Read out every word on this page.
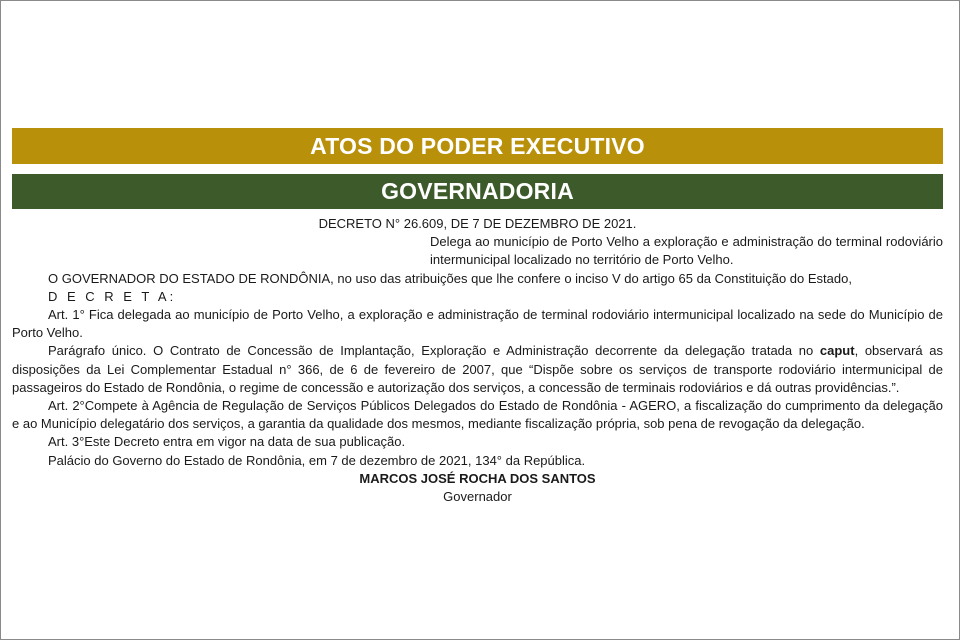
ATOS DO PODER EXECUTIVO
GOVERNADORIA

DECRETO N° 26.609, DE 7 DE DEZEMBRO DE 2021.

Delega ao município de Porto Velho a exploração e administração do terminal rodoviário intermunicipal localizado no território de Porto Velho.

O GOVERNADOR DO ESTADO DE RONDÔNIA, no uso das atribuições que lhe confere o inciso V do artigo 65 da Constituição do Estado,

D E C R E T A:

Art. 1° Fica delegada ao município de Porto Velho, a exploração e administração de terminal rodoviário intermunicipal localizado na sede do Município de Porto Velho.

Parágrafo único. O Contrato de Concessão de Implantação, Exploração e Administração decorrente da delegação tratada no caput, observará as disposições da Lei Complementar Estadual n° 366, de 6 de fevereiro de 2007, que “Dispõe sobre os serviços de transporte rodoviário intermunicipal de passageiros do Estado de Rondônia, o regime de concessão e autorização dos serviços, a concessão de terminais rodoviários e dá outras providências.”.

Art. 2°Compete à Agência de Regulação de Serviços Públicos Delegados do Estado de Rondônia - AGERO, a fiscalização do cumprimento da delegação e ao Município delegatário dos serviços, a garantia da qualidade dos mesmos, mediante fiscalização própria, sob pena de revogação da delegação.

Art. 3°Este Decreto entra em vigor na data de sua publicação.

Palácio do Governo do Estado de Rondônia, em 7 de dezembro de 2021, 134° da República.

MARCOS JOSÉ ROCHA DOS SANTOS

Governador
